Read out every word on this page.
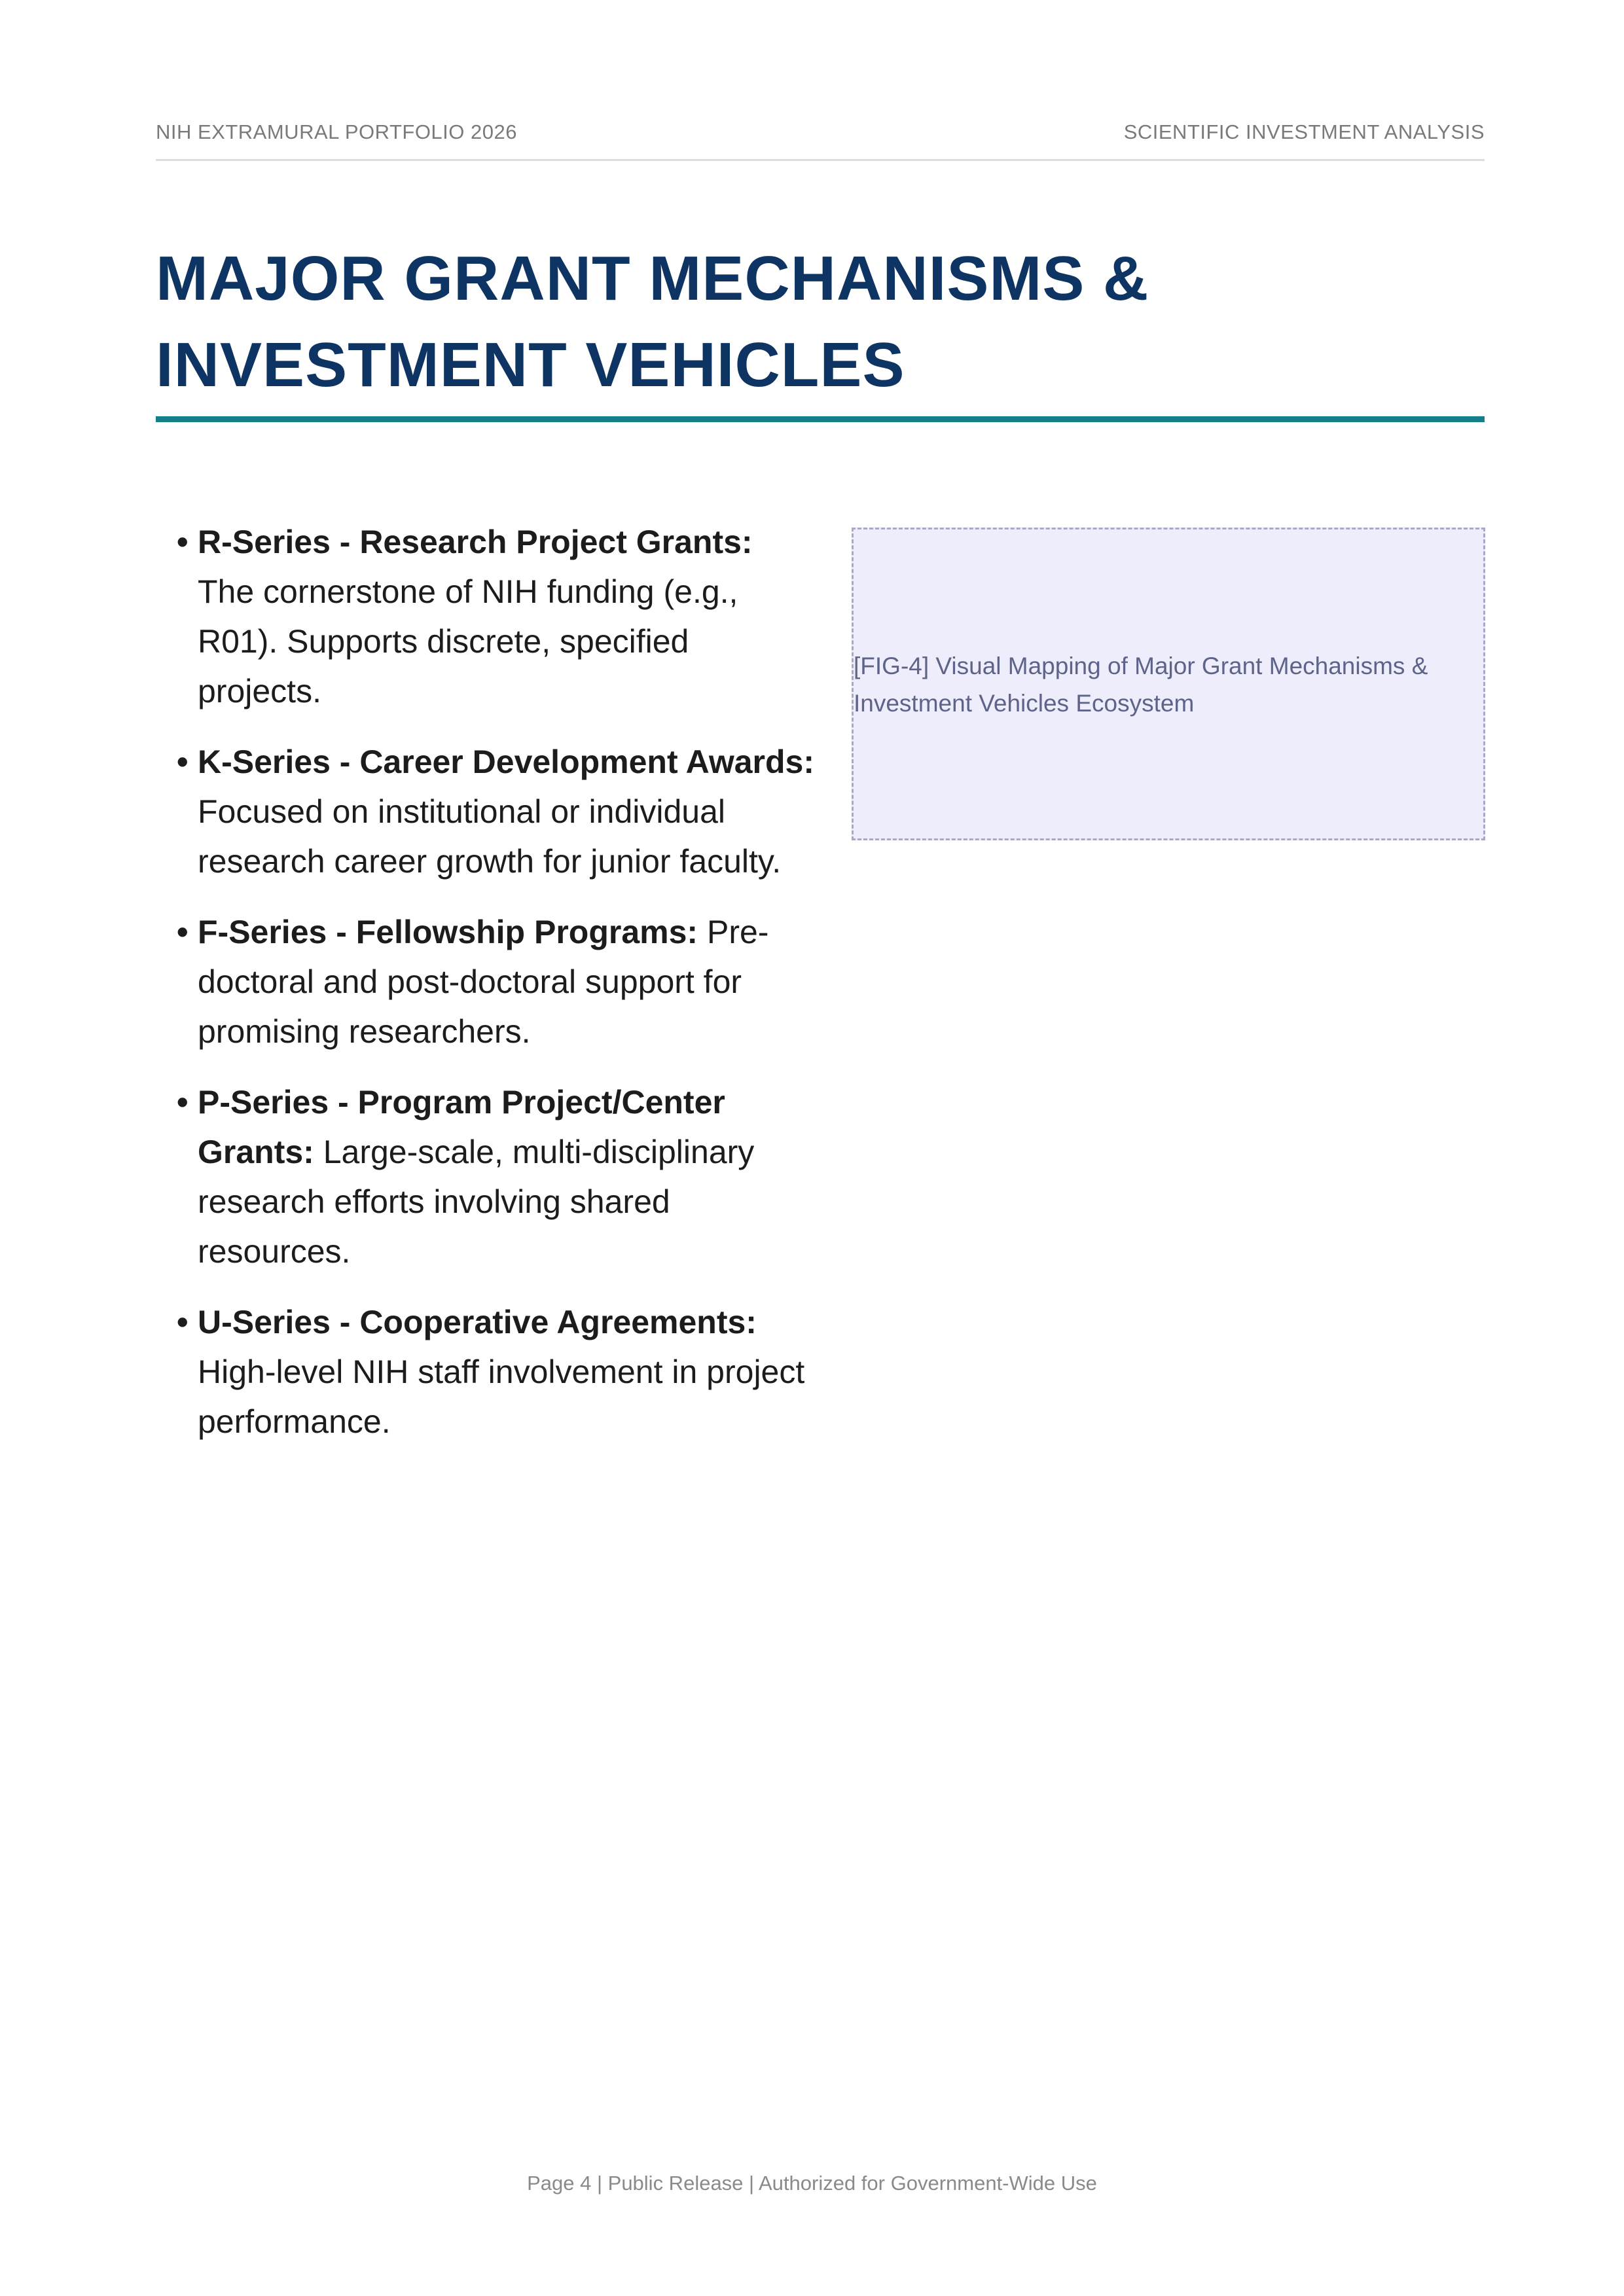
NIH EXTRAMURAL PORTFOLIO 2026	SCIENTIFIC INVESTMENT ANALYSIS
MAJOR GRANT MECHANISMS & INVESTMENT VEHICLES
• R-Series - Research Project Grants: The cornerstone of NIH funding (e.g., R01). Supports discrete, specified projects.
• K-Series - Career Development Awards: Focused on institutional or individual research career growth for junior faculty.
• F-Series - Fellowship Programs: Pre-doctoral and post-doctoral support for promising researchers.
• P-Series - Program Project/Center Grants: Large-scale, multi-disciplinary research efforts involving shared resources.
• U-Series - Cooperative Agreements: High-level NIH staff involvement in project performance.
[FIG-4] Visual Mapping of Major Grant Mechanisms & Investment Vehicles Ecosystem
Page 4 | Public Release | Authorized for Government-Wide Use
